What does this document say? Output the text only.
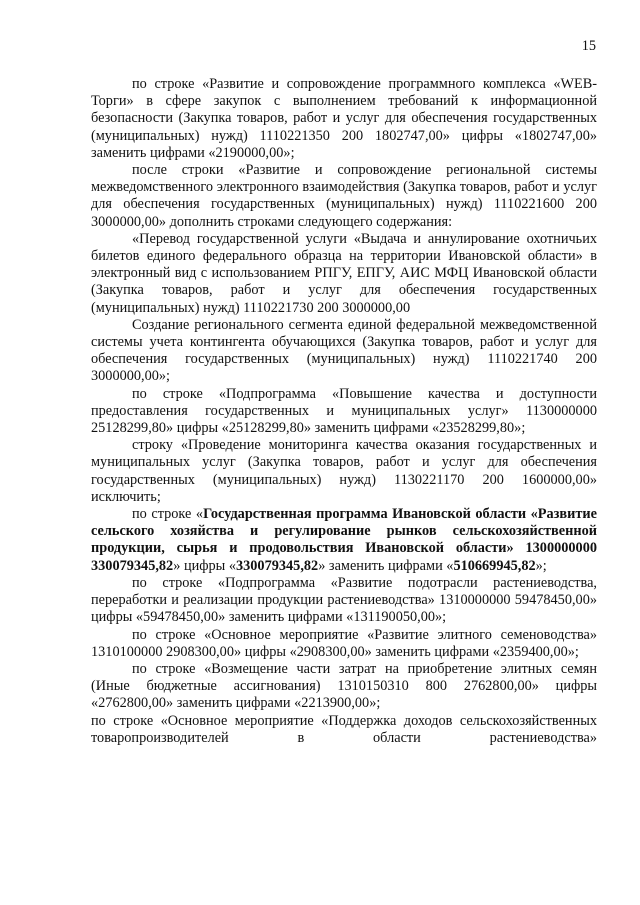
15

по строке «Развитие и сопровождение программного комплекса «WEB-Торги» в сфере закупок с выполнением требований к информационной безопасности (Закупка товаров, работ и услуг для обеспечения государственных (муниципальных) нужд) 1110221350 200 1802747,00» цифры «1802747,00» заменить цифрами «2190000,00»;

после строки «Развитие и сопровождение региональной системы межведомственного электронного взаимодействия (Закупка товаров, работ и услуг для обеспечения государственных (муниципальных) нужд) 1110221600 200 3000000,00» дополнить строками следующего содержания:

«Перевод государственной услуги «Выдача и аннулирование охотничьих билетов единого федерального образца на территории Ивановской области» в электронный вид с использованием РПГУ, ЕПГУ, АИС МФЦ Ивановской области (Закупка товаров, работ и услуг для обеспечения государственных (муниципальных) нужд) 1110221730 200 3000000,00

Создание регионального сегмента единой федеральной межведомственной системы учета контингента обучающихся (Закупка товаров, работ и услуг для обеспечения государственных (муниципальных) нужд) 1110221740 200 3000000,00»;

по строке «Подпрограмма «Повышение качества и доступности предоставления государственных и муниципальных услуг» 1130000000 25128299,80» цифры «25128299,80» заменить цифрами «23528299,80»;

строку «Проведение мониторинга качества оказания государственных и муниципальных услуг (Закупка товаров, работ и услуг для обеспечения государственных (муниципальных) нужд) 1130221170 200 1600000,00» исключить;

по строке «Государственная программа Ивановской области «Развитие сельского хозяйства и регулирование рынков сельскохозяйственной продукции, сырья и продовольствия Ивановской области» 1300000000 330079345,82» цифры «330079345,82» заменить цифрами «510669945,82»;

по строке «Подпрограмма «Развитие подотрасли растениеводства, переработки и реализации продукции растениеводства» 1310000000 59478450,00» цифры «59478450,00» заменить цифрами «131190050,00»;

по строке «Основное мероприятие «Развитие элитного семеноводства» 1310100000 2908300,00» цифры «2908300,00» заменить цифрами «2359400,00»;

по строке «Возмещение части затрат на приобретение элитных семян (Иные бюджетные ассигнования) 1310150310 800 2762800,00» цифры «2762800,00» заменить цифрами «2213900,00»;

по строке «Основное мероприятие «Поддержка доходов сельскохозяйственных товаропроизводителей в области растениеводства»
